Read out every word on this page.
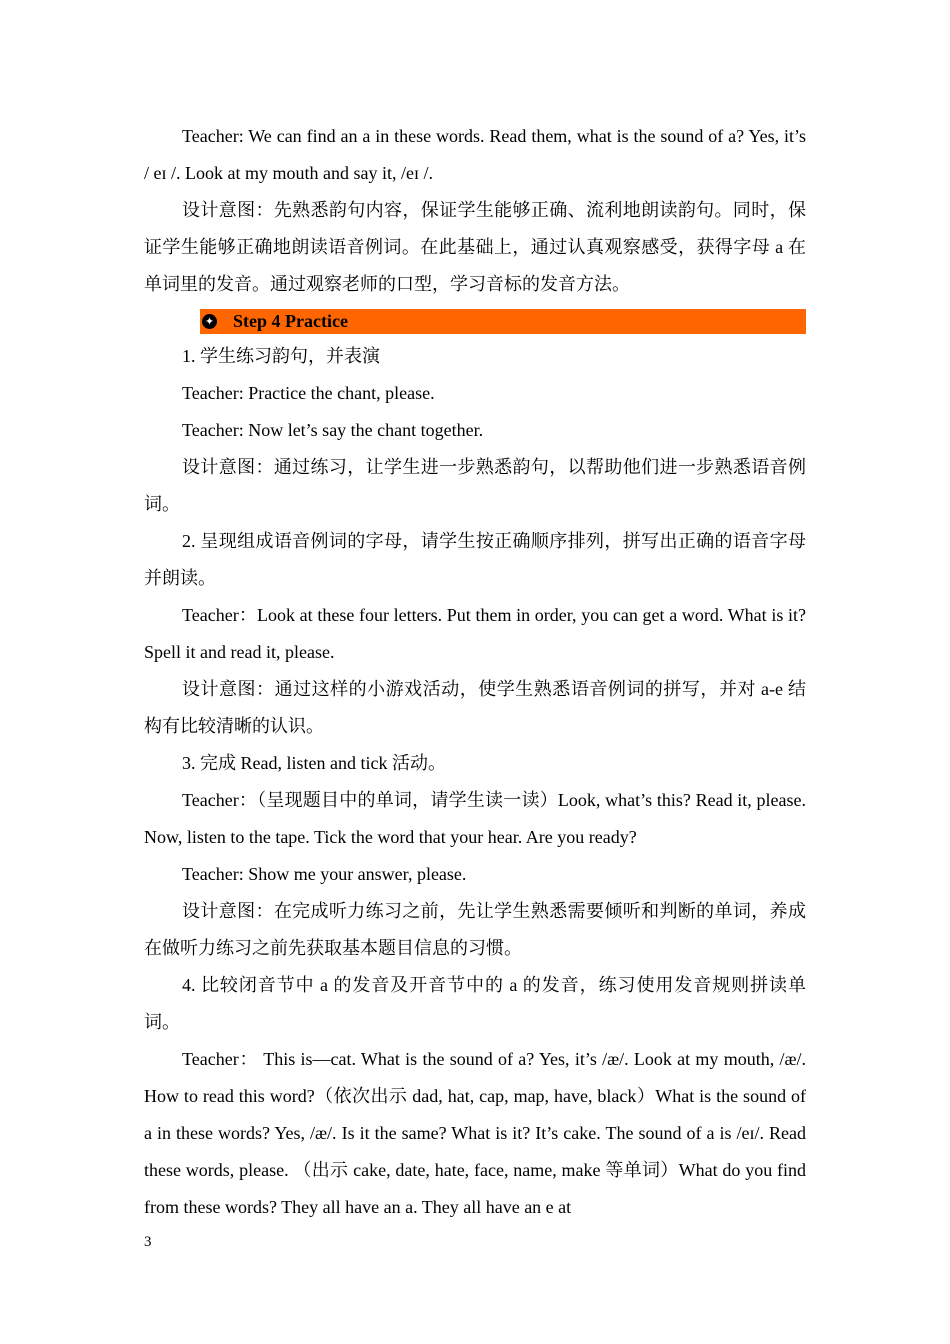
Teacher: We can find an a in these words. Read them, what is the sound of a? Yes, it’s / eɪ /. Look at my mouth and say it, /eɪ /.

设计意图：先熟悉韵句内容，保证学生能够正确、流利地朗读韵句。同时，保证学生能够正确地朗读语音例词。在此基础上，通过认真观察感受，获得字母 a 在单词里的发音。通过观察老师的口型，学习音标的发音方法。

✦ Step 4 Practice

1. 学生练习韵句，并表演

Teacher: Practice the chant, please.

Teacher: Now let’s say the chant together.

设计意图：通过练习，让学生进一步熟悉韵句，以帮助他们进一步熟悉语音例词。

2. 呈现组成语音例词的字母，请学生按正确顺序排列，拼写出正确的语音字母并朗读。

Teacher：Look at these four letters. Put them in order, you can get a word. What is it? Spell it and read it, please.

设计意图：通过这样的小游戏活动，使学生熟悉语音例词的拼写，并对 a-e 结构有比较清晰的认识。

3. 完成 Read, listen and tick 活动。

Teacher：（呈现题目中的单词，请学生读一读）Look, what’s this? Read it, please. Now, listen to the tape. Tick the word that your hear. Are you ready?

Teacher: Show me your answer, please.

设计意图：在完成听力练习之前，先让学生熟悉需要倾听和判断的单词，养成在做听力练习之前先获取基本题目信息的习惯。

4. 比较闭音节中 a 的发音及开音节中的 a 的发音，练习使用发音规则拼读单词。

Teacher： This is—cat. What is the sound of a? Yes, it’s /æ/. Look at my mouth, /æ/. How to read this word?（依次出示 dad, hat, cap, map, have, black）What is the sound of a in these words? Yes, /æ/. Is it the same? What is it? It’s cake. The sound of a is /eɪ/. Read these words, please. （出示 cake, date, hate, face, name, make 等单词）What do you find from these words? They all have an a. They all have an e at

3
